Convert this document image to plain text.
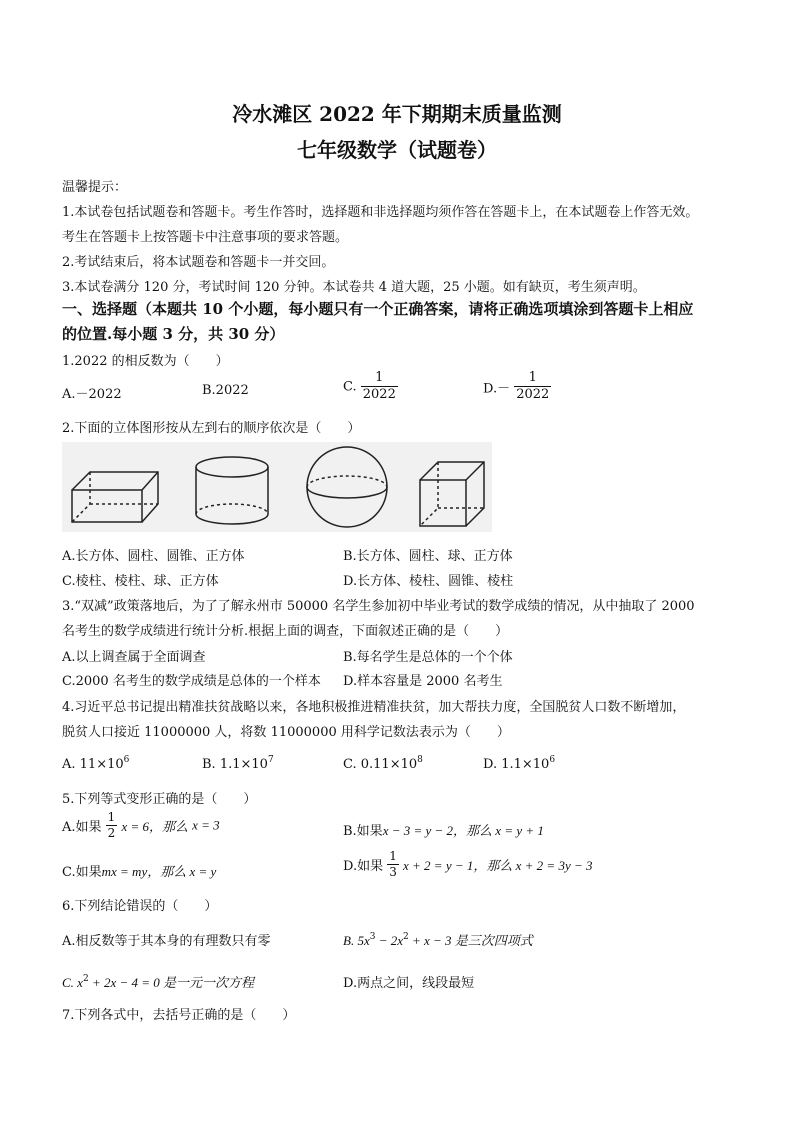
冷水滩区 2022 年下期期末质量监测
七年级数学（试题卷）
温馨提示：
1.本试卷包括试题卷和答题卡。考生作答时，选择题和非选择题均须作答在答题卡上，在本试题卷上作答无效。
考生在答题卡上按答题卡中注意事项的要求答题。
2.考试结束后，将本试题卷和答题卡一并交回。
3.本试卷满分 120 分，考试时间 120 分钟。本试卷共 4 道大题，25 小题。如有缺页，考生须声明。
一、选择题（本题共 10 个小题，每小题只有一个正确答案，请将正确选项填涂到答题卡上相应
的位置.每小题 3 分，共 30 分）
1.2022 的相反数为（　　）
A.－2022	B.2022	C. $\frac{1}{2022}$	$D.- \frac{1}{2022}$
2.下面的立体图形按从左到右的顺序依次是（　　）
A.长方体、圆柱、圆锥、正方体	B.长方体、圆柱、球、正方体
C.棱柱、棱柱、球、正方体	D.长方体、棱柱、圆锥、棱柱
3.“双减”政策落地后，为了了解永州市 50000 名学生参加初中毕业考试的数学成绩的情况，从中抽取了 2000
名考生的数学成绩进行统计分析.根据上面的调查，下面叙述正确的是（　　）
A.以上调查属于全面调查	B.每名学生是总体的一个个体
C.2000 名考生的数学成绩是总体的一个样本 D.样本容量是 2000 名考生
4.习近平总书记提出精准扶贫战略以来，各地积极推进精准扶贫，加大帮扶力度，全国脱贫人口数不断增加，
脱贫人口接近 11000000 人，将数 11000000 用科学记数法表示为（　　）
A. $11\times 10^6$	B. $1.1\times 10^7$	C. $0.11\times 10^8$	D. $1.1\times 10^6$
5.下列等式变形正确的是（　　）
A.如果 $\frac{1}{2}$ x = 6，那么 x = 3	B.如果x − 3 = y − 2，那么 x = y + 1
C.如果mx = my，那么 x = y	D.如果 $\frac{1}{3}$ x + 2 = y − 1，那么 x + 2 = 3y − 3
6.下列结论错误的（　　）
A.相反数等于其本身的有理数只有零	B. $5x^3 - 2x^2 + x - 3$ 是三次四项式
C. $x^2 + 2x - 4 = 0$ 是一元一次方程	D.两点之间，线段最短
7.下列各式中，去括号正确的是（　　）
